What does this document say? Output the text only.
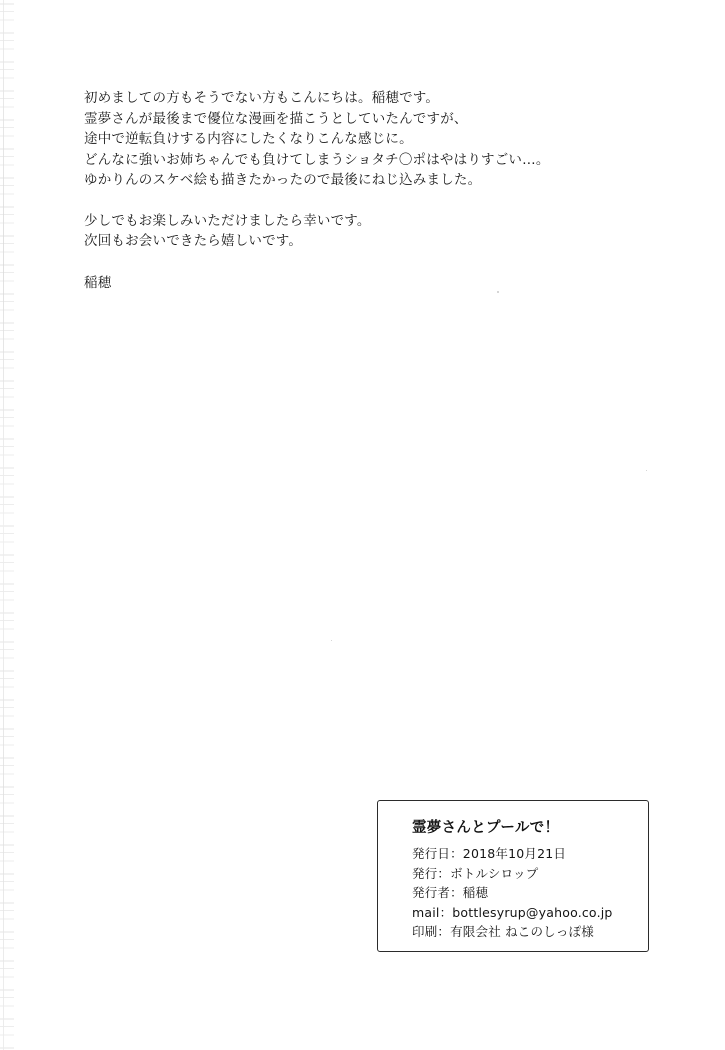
初めましての方もそうでない方もこんにちは。稲穂です。

霊夢さんが最後まで優位な漫画を描こうとしていたんですが、

途中で逆転負けする内容にしたくなりこんな感じに。

どんなに強いお姉ちゃんでも負けてしまうショタチ〇ポはやはりすごい…。

ゆかりんのスケベ絵も描きたかったので最後にねじ込みました。

少しでもお楽しみいただけましたら幸いです。

次回もお会いできたら嬉しいです。

稲穂

霊夢さんとプールで！

発行日：2018年10月21日

発行：ボトルシロップ

発行者：稲穂

mail：bottlesyrup@yahoo.co.jp

印刷：有限会社 ねこのしっぽ様
